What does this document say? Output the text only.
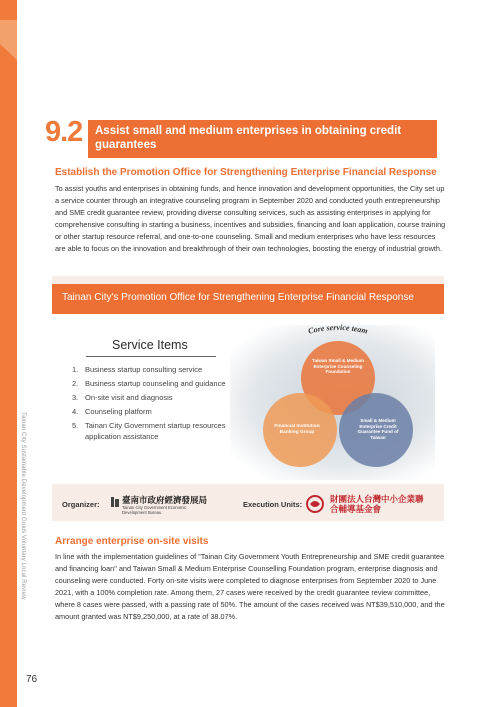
Tainan City Sustainable Development Goals Voluntary Local Review
9.2 Assist small and medium enterprises in obtaining credit guarantees
Establish the Promotion Office for Strengthening Enterprise Financial Response
To assist youths and enterprises in obtaining funds, and hence innovation and development opportunities, the City set up a service counter through an integrative counseling program in September 2020 and conducted youth entrepreneurship and SME credit guarantee review, providing diverse consulting services, such as assisting enterprises in applying for comprehensive consulting in starting a business, incentives and subsidies, financing and loan application, course training or other startup resource referral, and one-to-one counseling. Small and medium enterprises who have less resources are able to focus on the innovation and breakthrough of their own technologies, boosting the energy of industrial growth.
Tainan City's Promotion Office for Strengthening Enterprise Financial Response
Service Items
1. Business startup consulting service
2. Business startup counseling and guidance
3. On-site visit and diagnosis
4. Counseling platform
5. Tainan City Government startup resources application assistance
Core service team
Taiwan Small & Medium Enterprise Counseling Foundation
Financial Institution Banking Group
Small & Medium Enterprise Credit Guarantee Fund of Taiwan
Organizer:	臺南市政府經濟發展局
Tainan City Government Economic Development Bureau
Execution Units:
財團法人台灣中小企業聯合輔導基金會
Arrange enterprise on-site visits
In line with the implementation guidelines of "Tainan City Government Youth Entrepreneurship and SME credit guarantee and financing loan" and Taiwan Small & Medium Enterprise Counselling Foundation program, enterprise diagnosis and counseling were conducted. Forty on-site visits were completed to diagnose enterprises from September 2020 to June 2021, with a 100% completion rate. Among them, 27 cases were received by the credit guarantee review committee, where 8 cases were passed, with a passing rate of 50%. The amount of the cases received was NT$39,510,000, and the amount granted was NT$9,250,000, at a rate of 38.07%.
76
